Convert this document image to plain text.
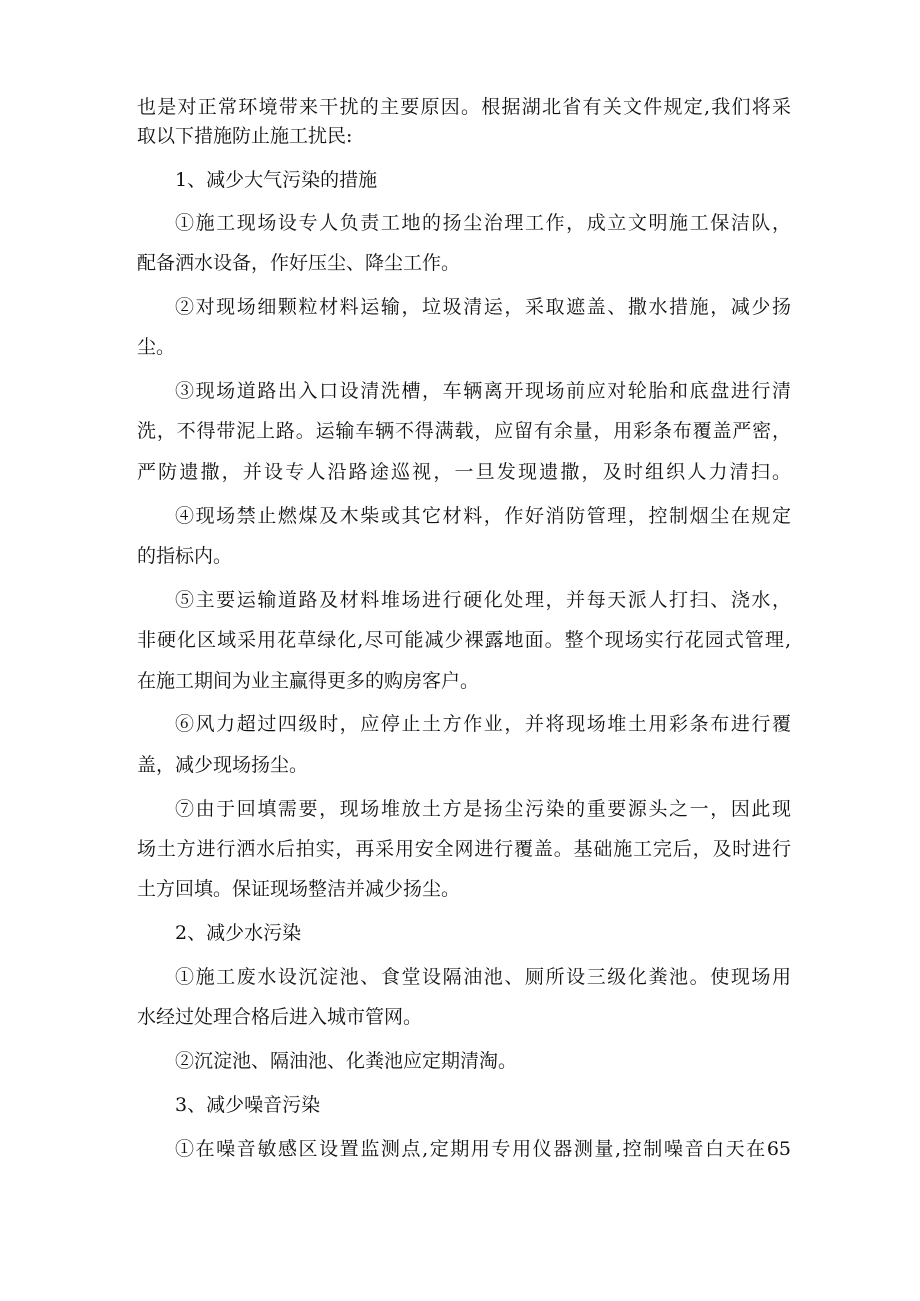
也是对正常环境带来干扰的主要原因。根据湖北省有关文件规定,我们将采
取以下措施防止施工扰民:
1、减少大气污染的措施
①施工现场设专人负责工地的扬尘治理工作，成立文明施工保洁队，
配备洒水设备，作好压尘、降尘工作。
②对现场细颗粒材料运输，垃圾清运，采取遮盖、撒水措施，减少扬
尘。
③现场道路出入口设清洗槽，车辆离开现场前应对轮胎和底盘进行清
洗，不得带泥上路。运输车辆不得满载，应留有余量，用彩条布覆盖严密，
严防遗撒，并设专人沿路途巡视，一旦发现遗撒，及时组织人力清扫。
④现场禁止燃煤及木柴或其它材料，作好消防管理，控制烟尘在规定
的指标内。
⑤主要运输道路及材料堆场进行硬化处理，并每天派人打扫、浇水，
非硬化区域采用花草绿化,尽可能减少裸露地面。整个现场实行花园式管理,
在施工期间为业主赢得更多的购房客户。
⑥风力超过四级时，应停止土方作业，并将现场堆土用彩条布进行覆
盖，减少现场扬尘。
⑦由于回填需要，现场堆放土方是扬尘污染的重要源头之一，因此现
场土方进行洒水后拍实，再采用安全网进行覆盖。基础施工完后，及时进行
土方回填。保证现场整洁并减少扬尘。
2、减少水污染
①施工废水设沉淀池、食堂设隔油池、厕所设三级化粪池。使现场用
水经过处理合格后进入城市管网。
②沉淀池、隔油池、化粪池应定期清淘。
3、减少噪音污染
①在噪音敏感区设置监测点,定期用专用仪器测量,控制噪音白天在65
